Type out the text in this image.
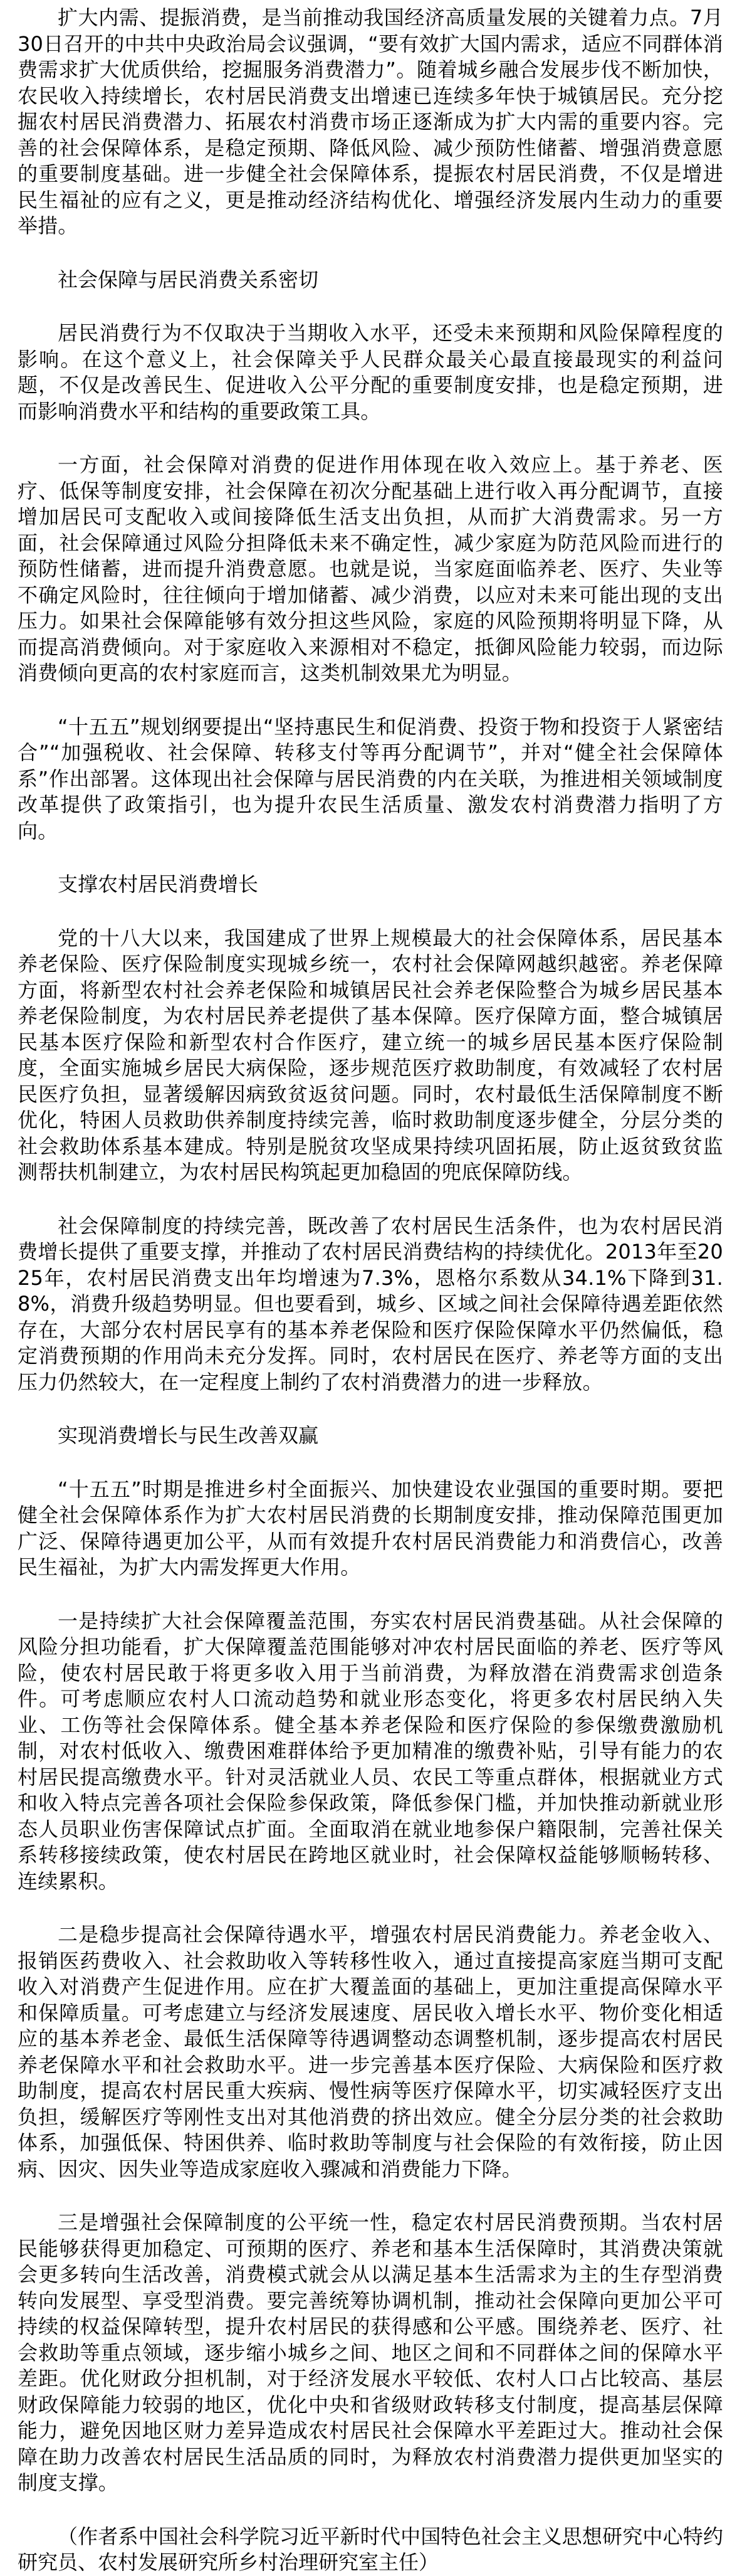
扩大内需、提振消费，是当前推动我国经济高质量发展的关键着力点。7月30日召开的中共中央政治局会议强调，“要有效扩大国内需求，适应不同群体消费需求扩大优质供给，挖掘服务消费潜力”。随着城乡融合发展步伐不断加快，农民收入持续增长，农村居民消费支出增速已连续多年快于城镇居民。充分挖掘农村居民消费潜力、拓展农村消费市场正逐渐成为扩大内需的重要内容。完善的社会保障体系，是稳定预期、降低风险、减少预防性储蓄、增强消费意愿的重要制度基础。进一步健全社会保障体系，提振农村居民消费，不仅是增进民生福祉的应有之义，更是推动经济结构优化、增强经济发展内生动力的重要举措。

社会保障与居民消费关系密切

居民消费行为不仅取决于当期收入水平，还受未来预期和风险保障程度的影响。在这个意义上，社会保障关乎人民群众最关心最直接最现实的利益问题，不仅是改善民生、促进收入公平分配的重要制度安排，也是稳定预期，进而影响消费水平和结构的重要政策工具。

一方面，社会保障对消费的促进作用体现在收入效应上。基于养老、医疗、低保等制度安排，社会保障在初次分配基础上进行收入再分配调节，直接增加居民可支配收入或间接降低生活支出负担，从而扩大消费需求。另一方面，社会保障通过风险分担降低未来不确定性，减少家庭为防范风险而进行的预防性储蓄，进而提升消费意愿。也就是说，当家庭面临养老、医疗、失业等不确定风险时，往往倾向于增加储蓄、减少消费，以应对未来可能出现的支出压力。如果社会保障能够有效分担这些风险，家庭的风险预期将明显下降，从而提高消费倾向。对于家庭收入来源相对不稳定，抵御风险能力较弱，而边际消费倾向更高的农村家庭而言，这类机制效果尤为明显。

“十五五”规划纲要提出“坚持惠民生和促消费、投资于物和投资于人紧密结合”“加强税收、社会保障、转移支付等再分配调节”，并对“健全社会保障体系”作出部署。这体现出社会保障与居民消费的内在关联，为推进相关领域制度改革提供了政策指引，也为提升农民生活质量、激发农村消费潜力指明了方向。

支撑农村居民消费增长

党的十八大以来，我国建成了世界上规模最大的社会保障体系，居民基本养老保险、医疗保险制度实现城乡统一，农村社会保障网越织越密。养老保障方面，将新型农村社会养老保险和城镇居民社会养老保险整合为城乡居民基本养老保险制度，为农村居民养老提供了基本保障。医疗保障方面，整合城镇居民基本医疗保险和新型农村合作医疗，建立统一的城乡居民基本医疗保险制度，全面实施城乡居民大病保险，逐步规范医疗救助制度，有效减轻了农村居民医疗负担，显著缓解因病致贫返贫问题。同时，农村最低生活保障制度不断优化，特困人员救助供养制度持续完善，临时救助制度逐步健全，分层分类的社会救助体系基本建成。特别是脱贫攻坚成果持续巩固拓展，防止返贫致贫监测帮扶机制建立，为农村居民构筑起更加稳固的兜底保障防线。

社会保障制度的持续完善，既改善了农村居民生活条件，也为农村居民消费增长提供了重要支撑，并推动了农村居民消费结构的持续优化。2013年至2025年，农村居民消费支出年均增速为7.3%，恩格尔系数从34.1%下降到31.8%，消费升级趋势明显。但也要看到，城乡、区域之间社会保障待遇差距依然存在，大部分农村居民享有的基本养老保险和医疗保险保障水平仍然偏低，稳定消费预期的作用尚未充分发挥。同时，农村居民在医疗、养老等方面的支出压力仍然较大，在一定程度上制约了农村消费潜力的进一步释放。

实现消费增长与民生改善双赢

“十五五”时期是推进乡村全面振兴、加快建设农业强国的重要时期。要把健全社会保障体系作为扩大农村居民消费的长期制度安排，推动保障范围更加广泛、保障待遇更加公平，从而有效提升农村居民消费能力和消费信心，改善民生福祉，为扩大内需发挥更大作用。

一是持续扩大社会保障覆盖范围，夯实农村居民消费基础。从社会保障的风险分担功能看，扩大保障覆盖范围能够对冲农村居民面临的养老、医疗等风险，使农村居民敢于将更多收入用于当前消费，为释放潜在消费需求创造条件。可考虑顺应农村人口流动趋势和就业形态变化，将更多农村居民纳入失业、工伤等社会保障体系。健全基本养老保险和医疗保险的参保缴费激励机制，对农村低收入、缴费困难群体给予更加精准的缴费补贴，引导有能力的农村居民提高缴费水平。针对灵活就业人员、农民工等重点群体，根据就业方式和收入特点完善各项社会保险参保政策，降低参保门槛，并加快推动新就业形态人员职业伤害保障试点扩面。全面取消在就业地参保户籍限制，完善社保关系转移接续政策，使农村居民在跨地区就业时，社会保障权益能够顺畅转移、连续累积。

二是稳步提高社会保障待遇水平，增强农村居民消费能力。养老金收入、报销医药费收入、社会救助收入等转移性收入，通过直接提高家庭当期可支配收入对消费产生促进作用。应在扩大覆盖面的基础上，更加注重提高保障水平和保障质量。可考虑建立与经济发展速度、居民收入增长水平、物价变化相适应的基本养老金、最低生活保障等待遇调整动态调整机制，逐步提高农村居民养老保障水平和社会救助水平。进一步完善基本医疗保险、大病保险和医疗救助制度，提高农村居民重大疾病、慢性病等医疗保障水平，切实减轻医疗支出负担，缓解医疗等刚性支出对其他消费的挤出效应。健全分层分类的社会救助体系，加强低保、特困供养、临时救助等制度与社会保险的有效衔接，防止因病、因灾、因失业等造成家庭收入骤减和消费能力下降。

三是增强社会保障制度的公平统一性，稳定农村居民消费预期。当农村居民能够获得更加稳定、可预期的医疗、养老和基本生活保障时，其消费决策就会更多转向生活改善，消费模式就会从以满足基本生活需求为主的生存型消费转向发展型、享受型消费。要完善统筹协调机制，推动社会保障向更加公平可持续的权益保障转型，提升农村居民的获得感和公平感。围绕养老、医疗、社会救助等重点领域，逐步缩小城乡之间、地区之间和不同群体之间的保障水平差距。优化财政分担机制，对于经济发展水平较低、农村人口占比较高、基层财政保障能力较弱的地区，优化中央和省级财政转移支付制度，提高基层保障能力，避免因地区财力差异造成农村居民社会保障水平差距过大。推动社会保障在助力改善农村居民生活品质的同时，为释放农村消费潜力提供更加坚实的制度支撑。

（作者系中国社会科学院习近平新时代中国特色社会主义思想研究中心特约研究员、农村发展研究所乡村治理研究室主任）
